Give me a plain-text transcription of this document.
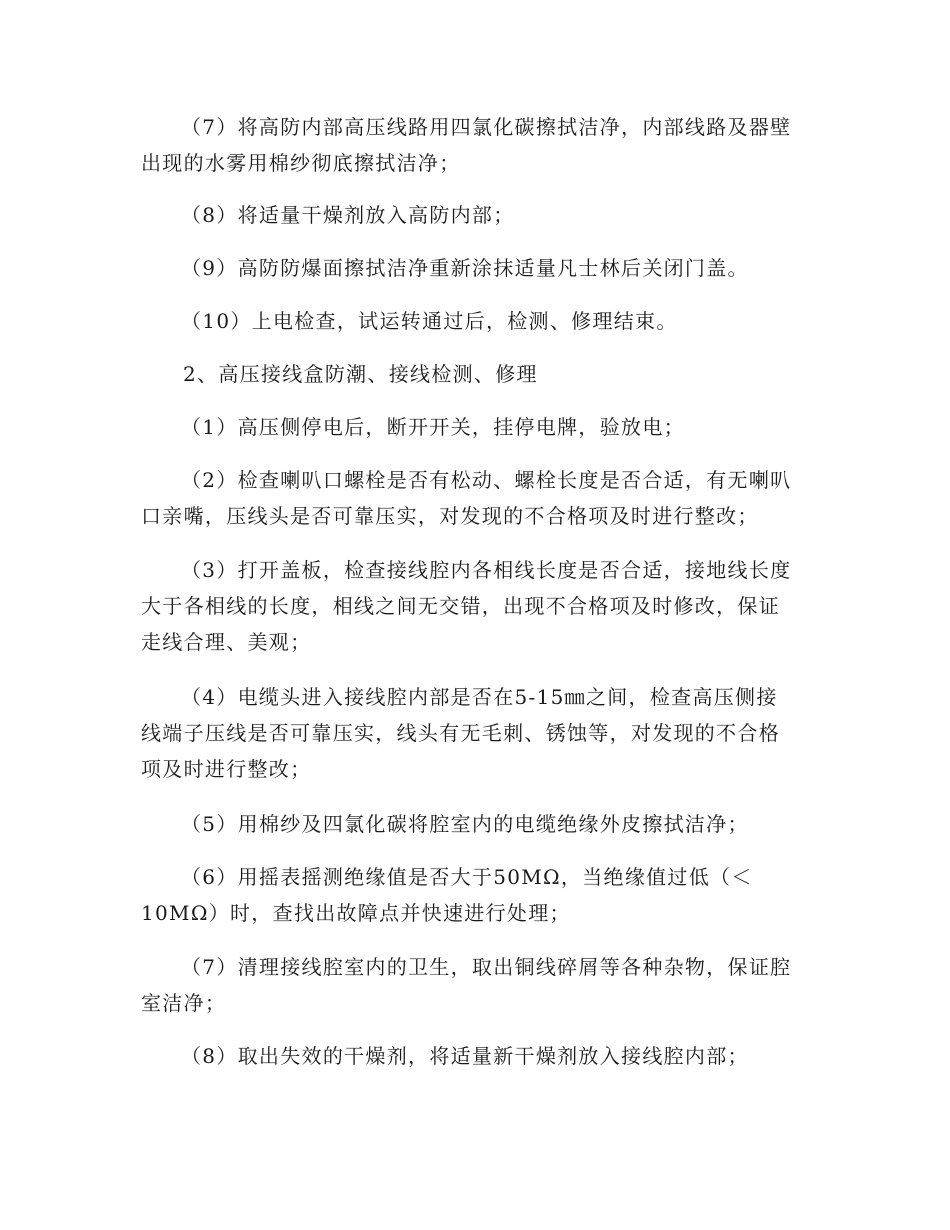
（7）将高防内部高压线路用四氯化碳擦拭洁净，内部线路及器壁
出现的水雾用棉纱彻底擦拭洁净；

（8）将适量干燥剂放入高防内部；

（9）高防防爆面擦拭洁净重新涂抹适量凡士林后关闭门盖。

（10）上电检查，试运转通过后，检测、修理结束。

2、高压接线盒防潮、接线检测、修理

（1）高压侧停电后，断开开关，挂停电牌，验放电；

（2）检查喇叭口螺栓是否有松动、螺栓长度是否合适，有无喇叭
口亲嘴，压线头是否可靠压实，对发现的不合格项及时进行整改；

（3）打开盖板，检查接线腔内各相线长度是否合适，接地线长度
大于各相线的长度，相线之间无交错，出现不合格项及时修改，保证
走线合理、美观；

（4）电缆头进入接线腔内部是否在5-15㎜之间，检查高压侧接
线端子压线是否可靠压实，线头有无毛刺、锈蚀等，对发现的不合格
项及时进行整改；

（5）用棉纱及四氯化碳将腔室内的电缆绝缘外皮擦拭洁净；

（6）用摇表摇测绝缘值是否大于50MΩ，当绝缘值过低（＜
10MΩ）时，查找出故障点并快速进行处理；

（7）清理接线腔室内的卫生，取出铜线碎屑等各种杂物，保证腔
室洁净；

（8）取出失效的干燥剂，将适量新干燥剂放入接线腔内部；
